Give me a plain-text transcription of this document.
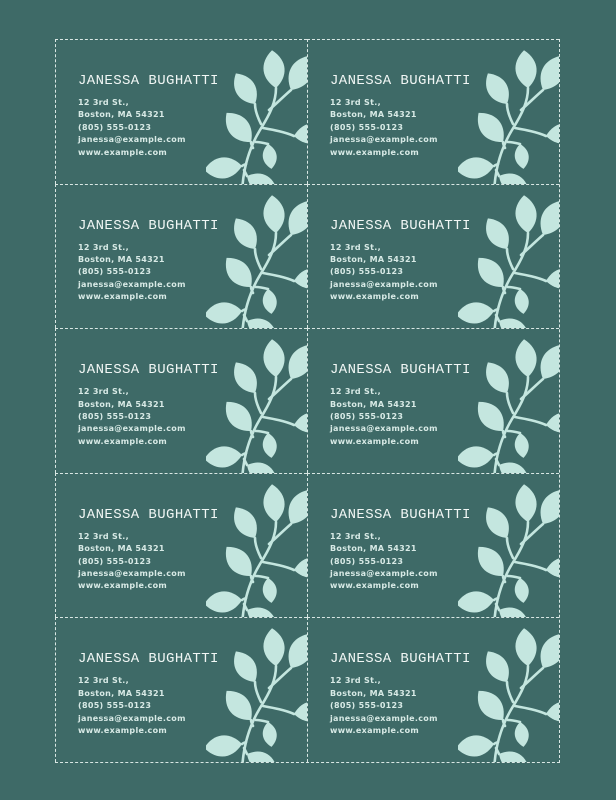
JANESSA BUGHATTI
12 3rd St.,
Boston, MA 54321
(805) 555-0123
janessa@example.com
www.example.com
JANESSA BUGHATTI
12 3rd St.,
Boston, MA 54321
(805) 555-0123
janessa@example.com
www.example.com
JANESSA BUGHATTI
12 3rd St.,
Boston, MA 54321
(805) 555-0123
janessa@example.com
www.example.com
JANESSA BUGHATTI
12 3rd St.,
Boston, MA 54321
(805) 555-0123
janessa@example.com
www.example.com
JANESSA BUGHATTI
12 3rd St.,
Boston, MA 54321
(805) 555-0123
janessa@example.com
www.example.com
JANESSA BUGHATTI
12 3rd St.,
Boston, MA 54321
(805) 555-0123
janessa@example.com
www.example.com
JANESSA BUGHATTI
12 3rd St.,
Boston, MA 54321
(805) 555-0123
janessa@example.com
www.example.com
JANESSA BUGHATTI
12 3rd St.,
Boston, MA 54321
(805) 555-0123
janessa@example.com
www.example.com
JANESSA BUGHATTI
12 3rd St.,
Boston, MA 54321
(805) 555-0123
janessa@example.com
www.example.com
JANESSA BUGHATTI
12 3rd St.,
Boston, MA 54321
(805) 555-0123
janessa@example.com
www.example.com
